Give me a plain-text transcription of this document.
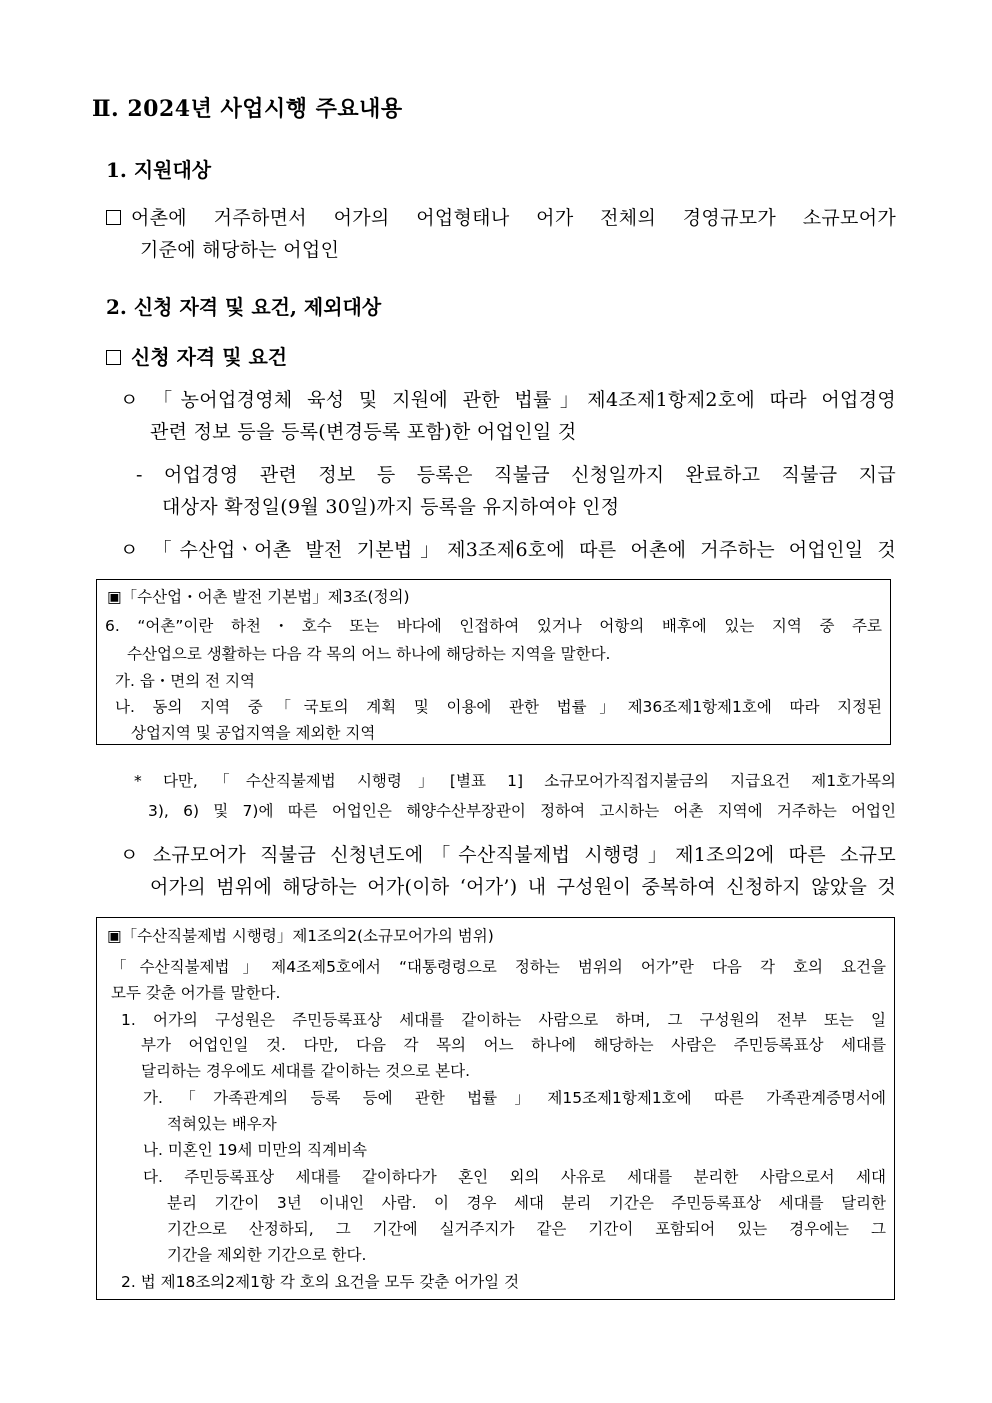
Ⅱ. 2024년 사업시행 주요내용
1. 지원대상
어촌에 거주하면서 어가의 어업형태나 어가 전체의 경영규모가 소규모어가
기준에 해당하는 어업인
2. 신청 자격 및 요건, 제외대상
신청 자격 및 요건
ㅇ 「농어업경영체 육성 및 지원에 관한 법률」제4조제1항제2호에 따라 어업경영
관련 정보 등을 등록(변경등록 포함)한 어업인일 것
- 어업경영 관련 정보 등 등록은 직불금 신청일까지 완료하고 직불금 지급
대상자 확정일(9월 30일)까지 등록을 유지하여야 인정
ㅇ 「수산업ㆍ어촌 발전 기본법」제3조제6호에 따른 어촌에 거주하는 어업인일 것
▣「수산업・어촌 발전 기본법」제3조(정의)
6. “어촌”이란 하천・호수 또는 바다에 인접하여 있거나 어항의 배후에 있는 지역 중 주로
수산업으로 생활하는 다음 각 목의 어느 하나에 해당하는 지역을 말한다.
가. 읍・면의 전 지역
나. 동의 지역 중「국토의 계획 및 이용에 관한 법률」제36조제1항제1호에 따라 지정된
상업지역 및 공업지역을 제외한 지역
* 다만,「수산직불제법 시행령」[별표 1] 소규모어가직접지불금의 지급요건 제1호가목의
3), 6) 및 7)에 따른 어업인은 해양수산부장관이 정하여 고시하는 어촌 지역에 거주하는 어업인
ㅇ 소규모어가 직불금 신청년도에「수산직불제법 시행령」제1조의2에 따른 소규모
어가의 범위에 해당하는 어가(이하 ‘어가’) 내 구성원이 중복하여 신청하지 않았을 것
▣「수산직불제법 시행령」제1조의2(소규모어가의 범위)
「수산직불제법」제4조제5호에서 “대통령령으로 정하는 범위의 어가”란 다음 각 호의 요건을
모두 갖춘 어가를 말한다.
1. 어가의 구성원은 주민등록표상 세대를 같이하는 사람으로 하며, 그 구성원의 전부 또는 일
부가 어업인일 것. 다만, 다음 각 목의 어느 하나에 해당하는 사람은 주민등록표상 세대를
달리하는 경우에도 세대를 같이하는 것으로 본다.
가.「가족관계의 등록 등에 관한 법률」제15조제1항제1호에 따른 가족관계증명서에
적혀있는 배우자
나. 미혼인 19세 미만의 직계비속
다. 주민등록표상 세대를 같이하다가 혼인 외의 사유로 세대를 분리한 사람으로서 세대
분리 기간이 3년 이내인 사람. 이 경우 세대 분리 기간은 주민등록표상 세대를 달리한
기간으로 산정하되, 그 기간에 실거주지가 같은 기간이 포함되어 있는 경우에는 그
기간을 제외한 기간으로 한다.
2. 법 제18조의2제1항 각 호의 요건을 모두 갖춘 어가일 것
